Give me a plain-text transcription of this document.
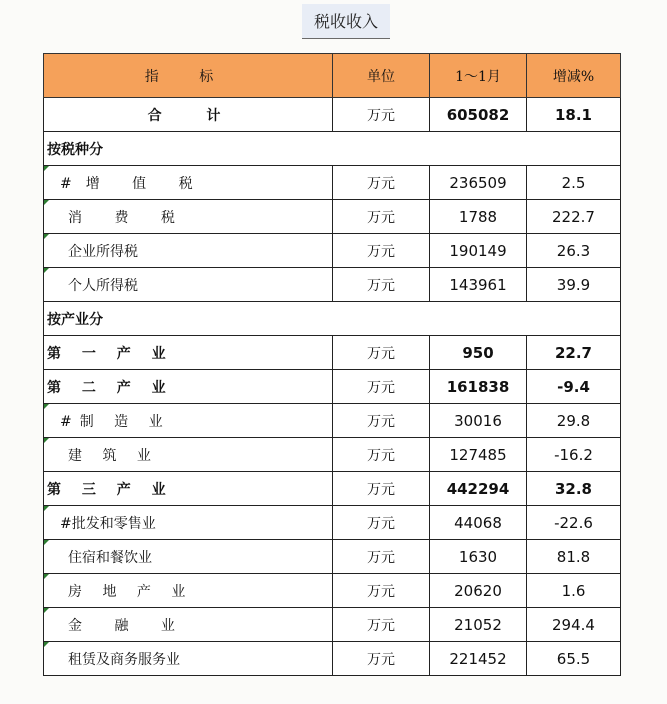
税收收入
指 标	单位	1～1月	增减%
合 计	万元	605082	18.1
按税种分			

#增 值 税	万元	236509	2.5

消 费 税	万元	1788	222.7

企业所得税	万元	190149	26.3

个人所得税	万元	143961	39.9
按产业分			
第 一 产 业	万元	950	22.7
第 二 产 业	万元	161838	-9.4

#制 造 业	万元	30016	29.8

建 筑 业	万元	127485	-16.2
第 三 产 业	万元	442294	32.8

#批发和零售业	万元	44068	-22.6

住宿和餐饮业	万元	1630	81.8

房 地 产 业	万元	20620	1.6

金 融 业	万元	21052	294.4

租赁及商务服务业	万元	221452	65.5
